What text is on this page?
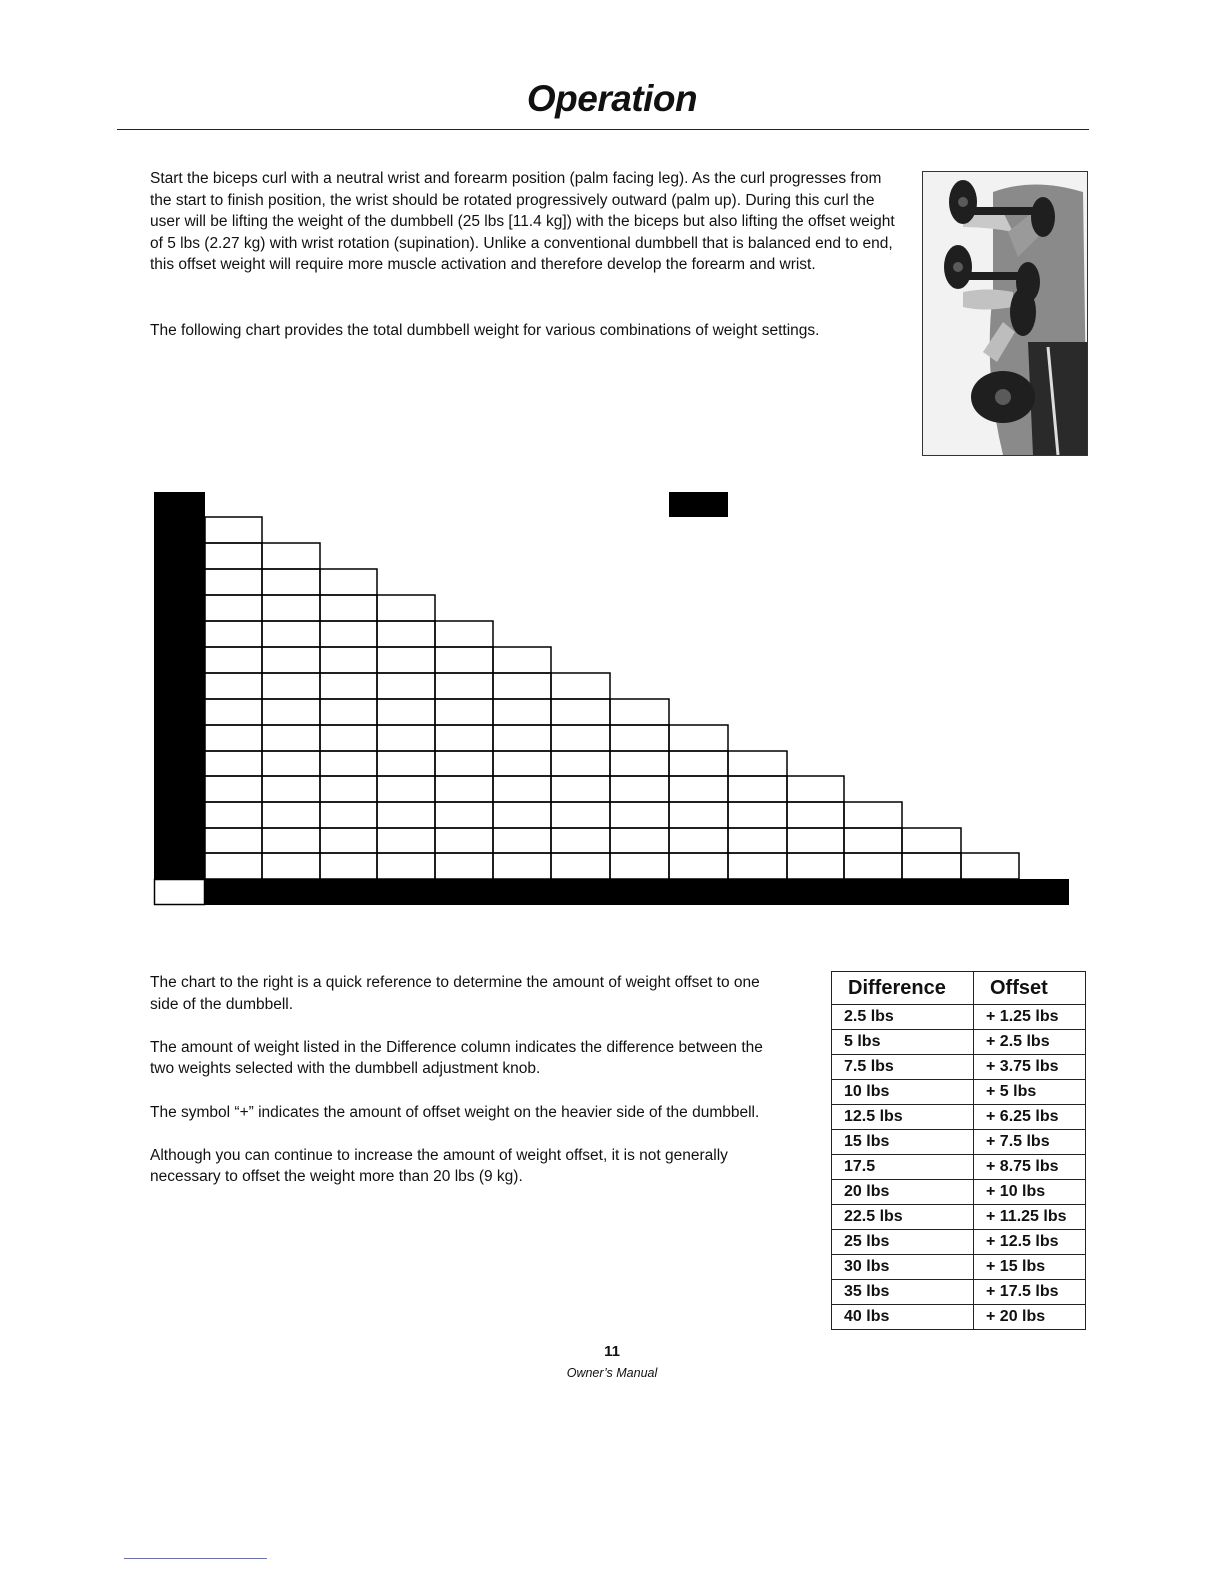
Operation

Start the biceps curl with a neutral wrist and forearm position (palm facing leg). As the curl progresses from the start to finish position, the wrist should be rotated progressively outward (palm up). During this curl the user will be lifting the weight of the dumbbell (25 lbs [11.4 kg]) with the biceps but also lifting the offset weight of 5 lbs (2.27 kg) with wrist rotation (supination). Unlike a conventional dumbbell that is balanced end to end, this offset weight will require more muscle activation and therefore develop the forearm and wrist.

The following chart provides the total dumbbell weight for various combinations of weight settings.

The chart to the right is a quick reference to determine the amount of weight offset to one side of the dumbbell.

The amount of weight listed in the Difference column indicates the difference between the two weights selected with the dumbbell adjustment knob.

The symbol “+” indicates the amount of offset weight on the heavier side of the dumbbell.

Although you can continue to increase the amount of weight offset, it is not generally necessary to offset the weight more than 20 lbs (9 kg).

Difference	Offset
2.5 lbs	+ 1.25 lbs
5 lbs	+ 2.5 lbs
7.5 lbs	+ 3.75 lbs
10 lbs	+ 5 lbs
12.5 lbs	+ 6.25 lbs
15 lbs	+ 7.5 lbs
17.5	+ 8.75 lbs
20 lbs	+ 10 lbs
22.5 lbs	+ 11.25 lbs
25 lbs	+ 12.5 lbs
30 lbs	+ 15 lbs
35 lbs	+ 17.5 lbs
40 lbs	+ 20 lbs
11
Owner’s Manual
